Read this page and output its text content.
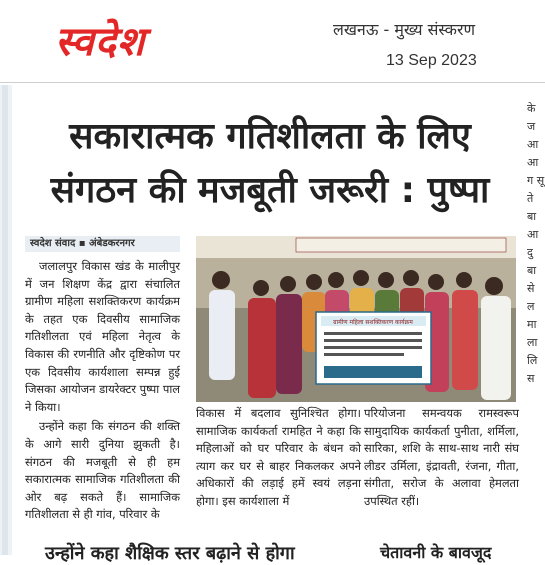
स्वदेश	लखनऊ - मुख्य संस्करण
13 Sep 2023
के ज आ आ ग सू ते बा आ दु बा से ल मा ला लि स
सकारात्मक गतिशीलता के लिए
संगठन की मजबूती जरूरी : पुष्पा
स्वदेश संवाद ▪ अंबेडकरनगर

जलालपुर विकास खंड के मालीपुर में जन शिक्षण केंद्र द्वारा संचालित ग्रामीण महिला सशक्तिकरण कार्यक्रम के तहत एक दिवसीय सामाजिक गतिशीलता एवं महिला नेतृत्व के विकास की रणनीति और दृष्टिकोण पर एक दिवसीय कार्यशाला सम्पन्न हुई जिसका आयोजन डायरेक्टर पुष्पा पाल ने किया।

उन्होंने कहा कि संगठन की शक्ति के आगे सारी दुनिया झुकती है। संगठन की मजबूती से ही हम सकारात्मक सामाजिक गतिशीलता की ओर बढ़ सकते हैं। सामाजिक गतिशीलता से ही गांव, परिवार के

ग्रामीण महिला सशक्तिकरण कार्यक्रम
विकास में बदलाव सुनिश्चित होगा। सामाजिक कार्यकर्ता रामहित ने कहा कि महिलाओं को घर परिवार के बंधन को त्याग कर घर से बाहर निकलकर अपने अधिकारों की लड़ाई हमें स्वयं लड़ना होगा। इस कार्यशाला में
परियोजना समन्वयक रामस्वरूप सामुदायिक कार्यकर्ता पुनीता, शर्मिला, सारिका, शशि के साथ-साथ नारी संघ लीडर उर्मिला, इंद्रावती, रंजना, गीता, संगीता, सरोज के अलावा हेमलता उपस्थित रहीं।
उन्होंने कहा शैक्षिक स्तर बढ़ाने से होगा	चेतावनी के बावजूद
